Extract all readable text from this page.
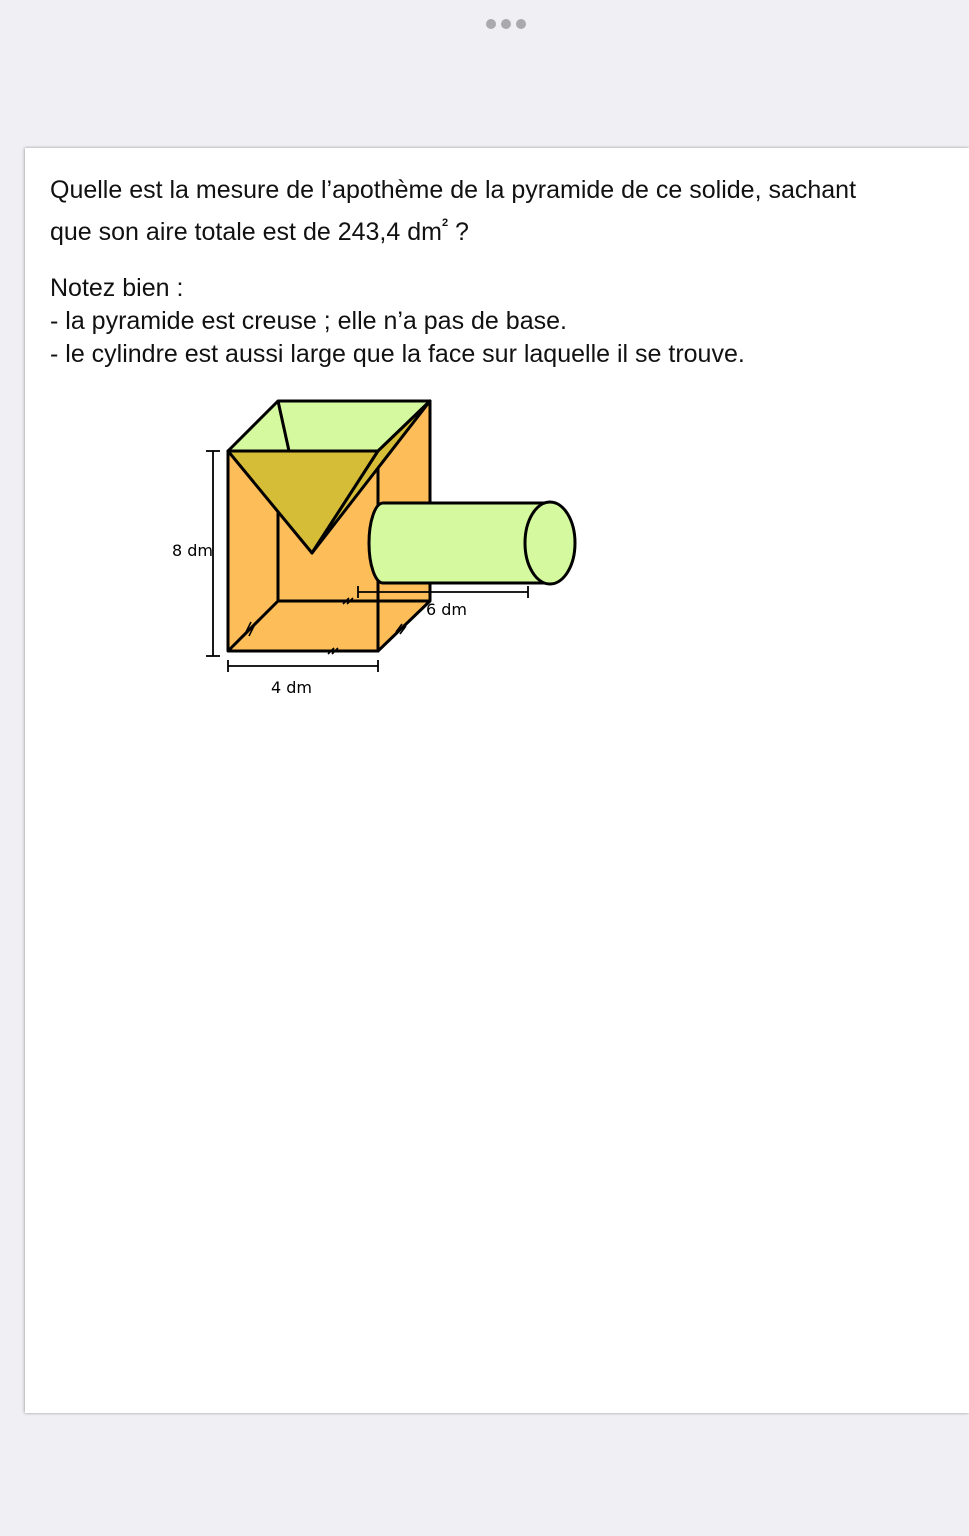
Quelle est la mesure de l’apothème de la pyramide de ce solide, sachant
que son aire totale est de 243,4 $dm^2$ ?
Notez bien :
- la pyramide est creuse ; elle n’a pas de base.
- le cylindre est aussi large que la face sur laquelle il se trouve.
8 dm
4 dm
6 dm
